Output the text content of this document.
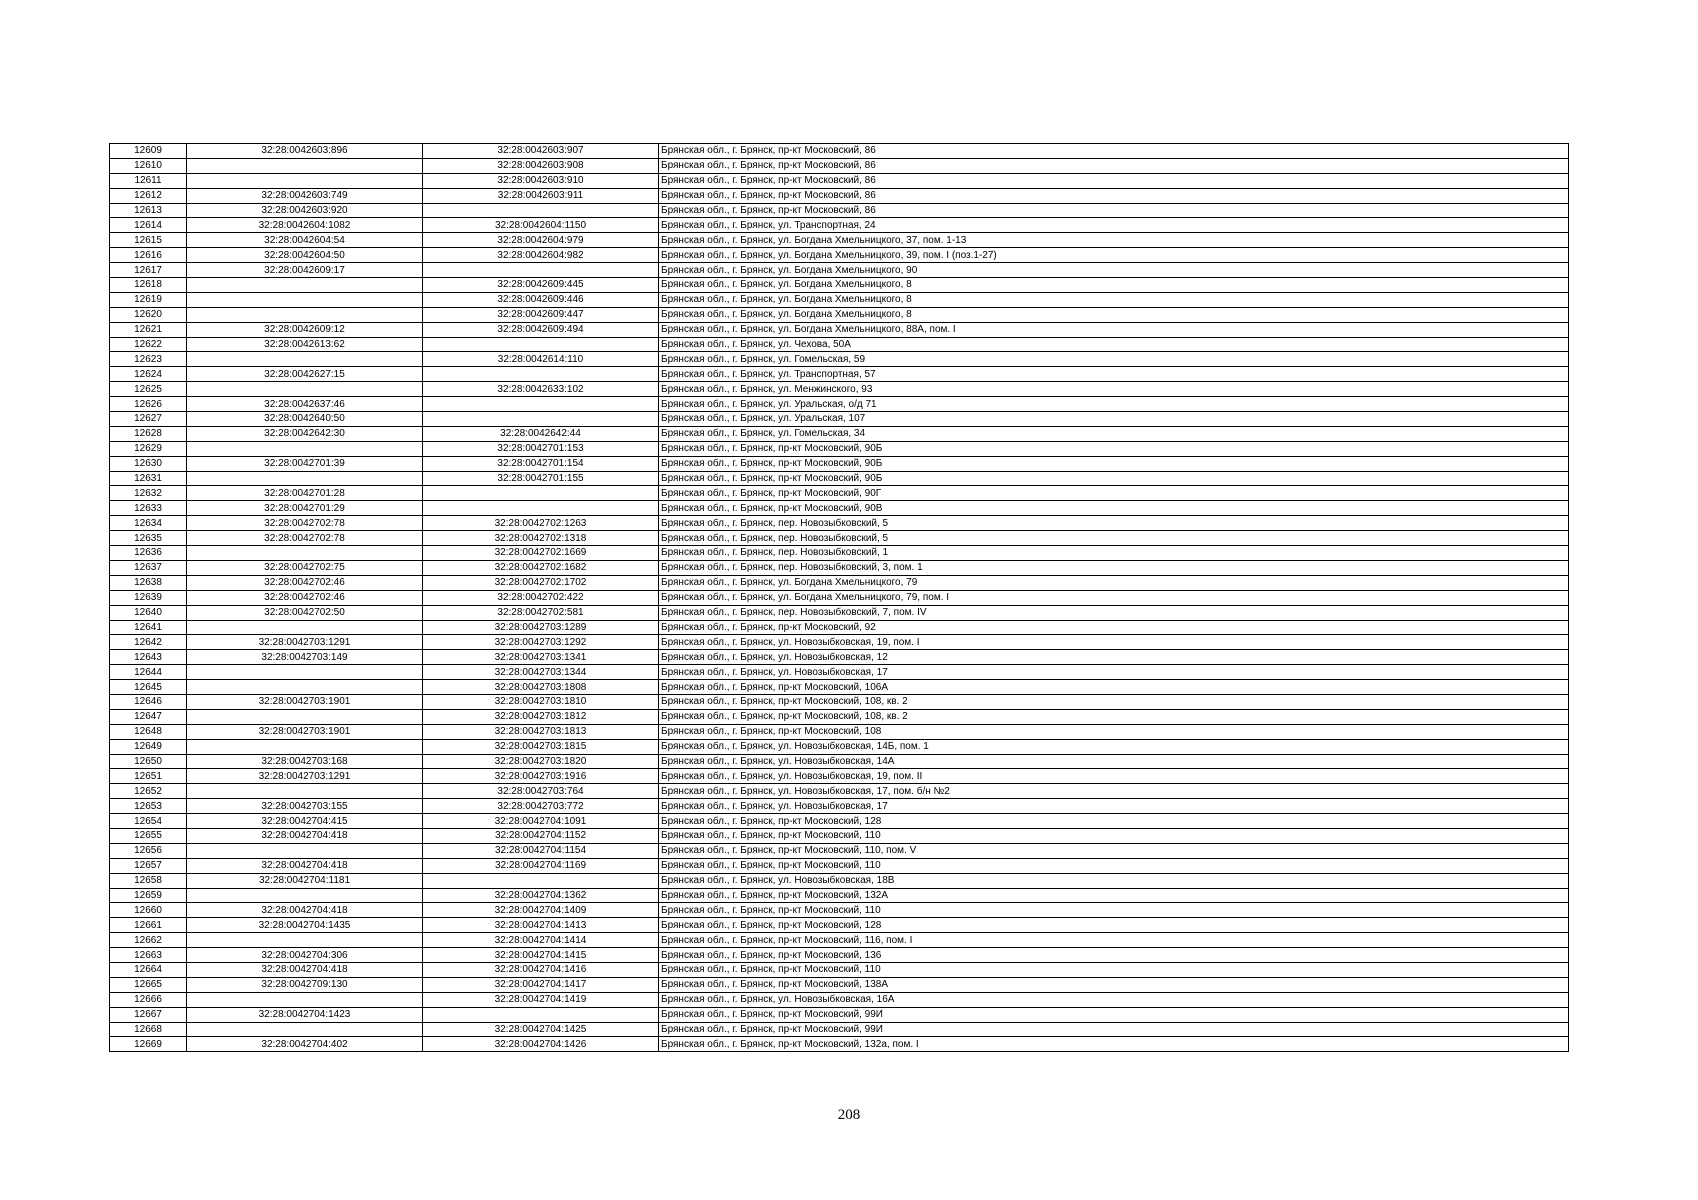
12609	32:28:0042603:896	32:28:0042603:907	Брянская обл., г. Брянск, пр-кт Московский, 86
12610		32:28:0042603:908	Брянская обл., г. Брянск, пр-кт Московский, 86
12611		32:28:0042603:910	Брянская обл., г. Брянск, пр-кт Московский, 86
12612	32:28:0042603:749	32:28:0042603:911	Брянская обл., г. Брянск, пр-кт Московский, 86
12613	32:28:0042603:920		Брянская обл., г. Брянск, пр-кт Московский, 86
12614	32:28:0042604:1082	32:28:0042604:1150	Брянская обл., г. Брянск, ул. Транспортная, 24
12615	32:28:0042604:54	32:28:0042604:979	Брянская обл., г. Брянск, ул. Богдана Хмельницкого, 37, пом. 1-13
12616	32:28:0042604:50	32:28:0042604:982	Брянская обл., г. Брянск, ул. Богдана Хмельницкого, 39, пом. I (поз.1-27)
12617	32:28:0042609:17		Брянская обл., г. Брянск, ул. Богдана Хмельницкого, 90
12618		32:28:0042609:445	Брянская обл., г. Брянск, ул. Богдана Хмельницкого, 8
12619		32:28:0042609:446	Брянская обл., г. Брянск, ул. Богдана Хмельницкого, 8
12620		32:28:0042609:447	Брянская обл., г. Брянск, ул. Богдана Хмельницкого, 8
12621	32:28:0042609:12	32:28:0042609:494	Брянская обл., г. Брянск, ул. Богдана Хмельницкого, 88А, пом. I
12622	32:28:0042613:62		Брянская обл., г. Брянск, ул. Чехова, 50А
12623		32:28:0042614:110	Брянская обл., г. Брянск, ул. Гомельская, 59
12624	32:28:0042627:15		Брянская обл., г. Брянск, ул. Транспортная, 57
12625		32:28:0042633:102	Брянская обл., г. Брянск, ул. Менжинского, 93
12626	32:28:0042637:46		Брянская обл., г. Брянск, ул. Уральская, о/д 71
12627	32:28:0042640:50		Брянская обл., г. Брянск, ул. Уральская, 107
12628	32:28:0042642:30	32:28:0042642:44	Брянская обл., г. Брянск, ул. Гомельская, 34
12629		32:28:0042701:153	Брянская обл., г. Брянск, пр-кт Московский, 90Б
12630	32:28:0042701:39	32:28:0042701:154	Брянская обл., г. Брянск, пр-кт Московский, 90Б
12631		32:28:0042701:155	Брянская обл., г. Брянск, пр-кт Московский, 90Б
12632	32:28:0042701:28		Брянская обл., г. Брянск, пр-кт Московский, 90Г
12633	32:28:0042701:29		Брянская обл., г. Брянск, пр-кт Московский, 90В
12634	32:28:0042702:78	32:28:0042702:1263	Брянская обл., г. Брянск, пер. Новозыбковский, 5
12635	32:28:0042702:78	32:28:0042702:1318	Брянская обл., г. Брянск, пер. Новозыбковский, 5
12636		32:28:0042702:1669	Брянская обл., г. Брянск, пер. Новозыбковский, 1
12637	32:28:0042702:75	32:28:0042702:1682	Брянская обл., г. Брянск, пер. Новозыбковский, 3, пом. 1
12638	32:28:0042702:46	32:28:0042702:1702	Брянская обл., г. Брянск, ул. Богдана Хмельницкого, 79
12639	32:28:0042702:46	32:28:0042702:422	Брянская обл., г. Брянск, ул. Богдана Хмельницкого, 79, пом. I
12640	32:28:0042702:50	32:28:0042702:581	Брянская обл., г. Брянск, пер. Новозыбковский, 7, пом. IV
12641		32:28:0042703:1289	Брянская обл., г. Брянск, пр-кт Московский, 92
12642	32:28:0042703:1291	32:28:0042703:1292	Брянская обл., г. Брянск, ул. Новозыбковская, 19, пом. I
12643	32:28:0042703:149	32:28:0042703:1341	Брянская обл., г. Брянск, ул. Новозыбковская, 12
12644		32:28:0042703:1344	Брянская обл., г. Брянск, ул. Новозыбковская, 17
12645		32:28:0042703:1808	Брянская обл., г. Брянск, пр-кт Московский, 106А
12646	32:28:0042703:1901	32:28:0042703:1810	Брянская обл., г. Брянск, пр-кт Московский, 108, кв. 2
12647		32:28:0042703:1812	Брянская обл., г. Брянск, пр-кт Московский, 108, кв. 2
12648	32:28:0042703:1901	32:28:0042703:1813	Брянская обл., г. Брянск, пр-кт Московский, 108
12649		32:28:0042703:1815	Брянская обл., г. Брянск, ул. Новозыбковская, 14Б, пом. 1
12650	32:28:0042703:168	32:28:0042703:1820	Брянская обл., г. Брянск, ул. Новозыбковская, 14А
12651	32:28:0042703:1291	32:28:0042703:1916	Брянская обл., г. Брянск, ул. Новозыбковская, 19, пом. II
12652		32:28:0042703:764	Брянская обл., г. Брянск, ул. Новозыбковская, 17, пом. б/н №2
12653	32:28:0042703:155	32:28:0042703:772	Брянская обл., г. Брянск, ул. Новозыбковская, 17
12654	32:28:0042704:415	32:28:0042704:1091	Брянская обл., г. Брянск, пр-кт Московский, 128
12655	32:28:0042704:418	32:28:0042704:1152	Брянская обл., г. Брянск, пр-кт Московский, 110
12656		32:28:0042704:1154	Брянская обл., г. Брянск, пр-кт Московский, 110, пом. V
12657	32:28:0042704:418	32:28:0042704:1169	Брянская обл., г. Брянск, пр-кт Московский, 110
12658	32:28:0042704:1181		Брянская обл., г. Брянск, ул. Новозыбковская, 18В
12659		32:28:0042704:1362	Брянская обл., г. Брянск, пр-кт Московский, 132А
12660	32:28:0042704:418	32:28:0042704:1409	Брянская обл., г. Брянск, пр-кт Московский, 110
12661	32:28:0042704:1435	32:28:0042704:1413	Брянская обл., г. Брянск, пр-кт Московский, 128
12662		32:28:0042704:1414	Брянская обл., г. Брянск, пр-кт Московский, 116, пом. I
12663	32:28:0042704:306	32:28:0042704:1415	Брянская обл., г. Брянск, пр-кт Московский, 136
12664	32:28:0042704:418	32:28:0042704:1416	Брянская обл., г. Брянск, пр-кт Московский, 110
12665	32:28:0042709:130	32:28:0042704:1417	Брянская обл., г. Брянск, пр-кт Московский, 138А
12666		32:28:0042704:1419	Брянская обл., г. Брянск, ул. Новозыбковская, 16А
12667	32:28:0042704:1423		Брянская обл., г. Брянск, пр-кт Московский, 99И
12668		32:28:0042704:1425	Брянская обл., г. Брянск, пр-кт Московский, 99И
12669	32:28:0042704:402	32:28:0042704:1426	Брянская обл., г. Брянск, пр-кт Московский, 132а, пом. I
208
